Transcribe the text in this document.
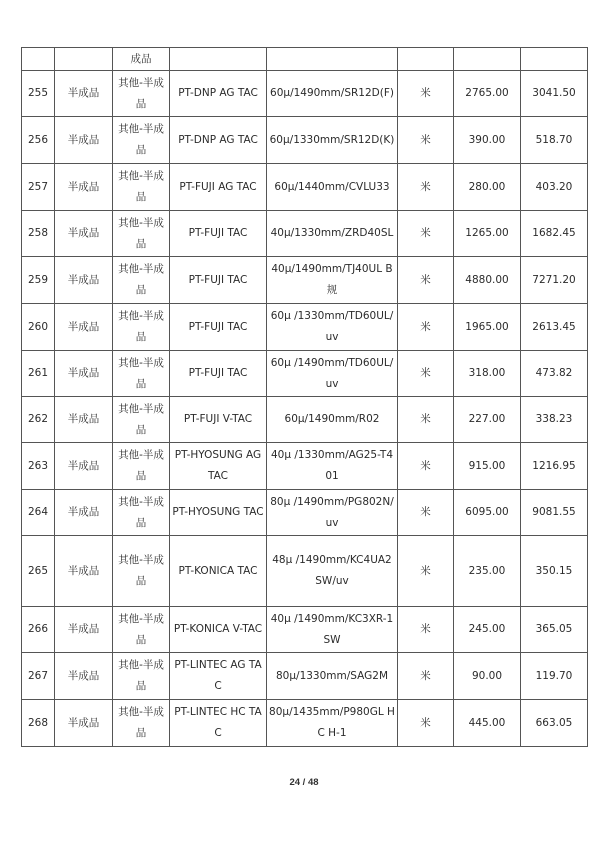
		成品					
255	半成品	其他-半成品	PT-DNP AG TAC	60μ/1490mm/SR12D(F)	米	2765.00	3041.50
256	半成品	其他-半成品	PT-DNP AG TAC	60μ/1330mm/SR12D(K)	米	390.00	518.70
257	半成品	其他-半成品	PT-FUJI AG TAC	60μ/1440mm/CVLU33	米	280.00	403.20
258	半成品	其他-半成品	PT-FUJI TAC	40μ/1330mm/ZRD40SL	米	1265.00	1682.45
259	半成品	其他-半成品	PT-FUJI TAC	40μ/1490mm/TJ40UL B规	米	4880.00	7271.20
260	半成品	其他-半成品	PT-FUJI TAC	60μ /1330mm/TD60UL/uv	米	1965.00	2613.45
261	半成品	其他-半成品	PT-FUJI TAC	60μ /1490mm/TD60UL/uv	米	318.00	473.82
262	半成品	其他-半成品	PT-FUJI V-TAC	60μ/1490mm/R02	米	227.00	338.23
263	半成品	其他-半成品	PT-HYOSUNG AG TAC	40μ /1330mm/AG25-T401	米	915.00	1216.95
264	半成品	其他-半成品	PT-HYOSUNG TAC	80μ /1490mm/PG802N/uv	米	6095.00	9081.55
265	半成品	其他-半成品	PT-KONICA TAC	48μ /1490mm/KC4UA2SW/uv	米	235.00	350.15
266	半成品	其他-半成品	PT-KONICA V-TAC	40μ /1490mm/KC3XR-1SW	米	245.00	365.05
267	半成品	其他-半成品	PT-LINTEC AG TAC	80μ/1330mm/SAG2M	米	90.00	119.70
268	半成品	其他-半成品	PT-LINTEC HC TAC	80μ/1435mm/P980GL HC H-1	米	445.00	663.05
24 / 48
